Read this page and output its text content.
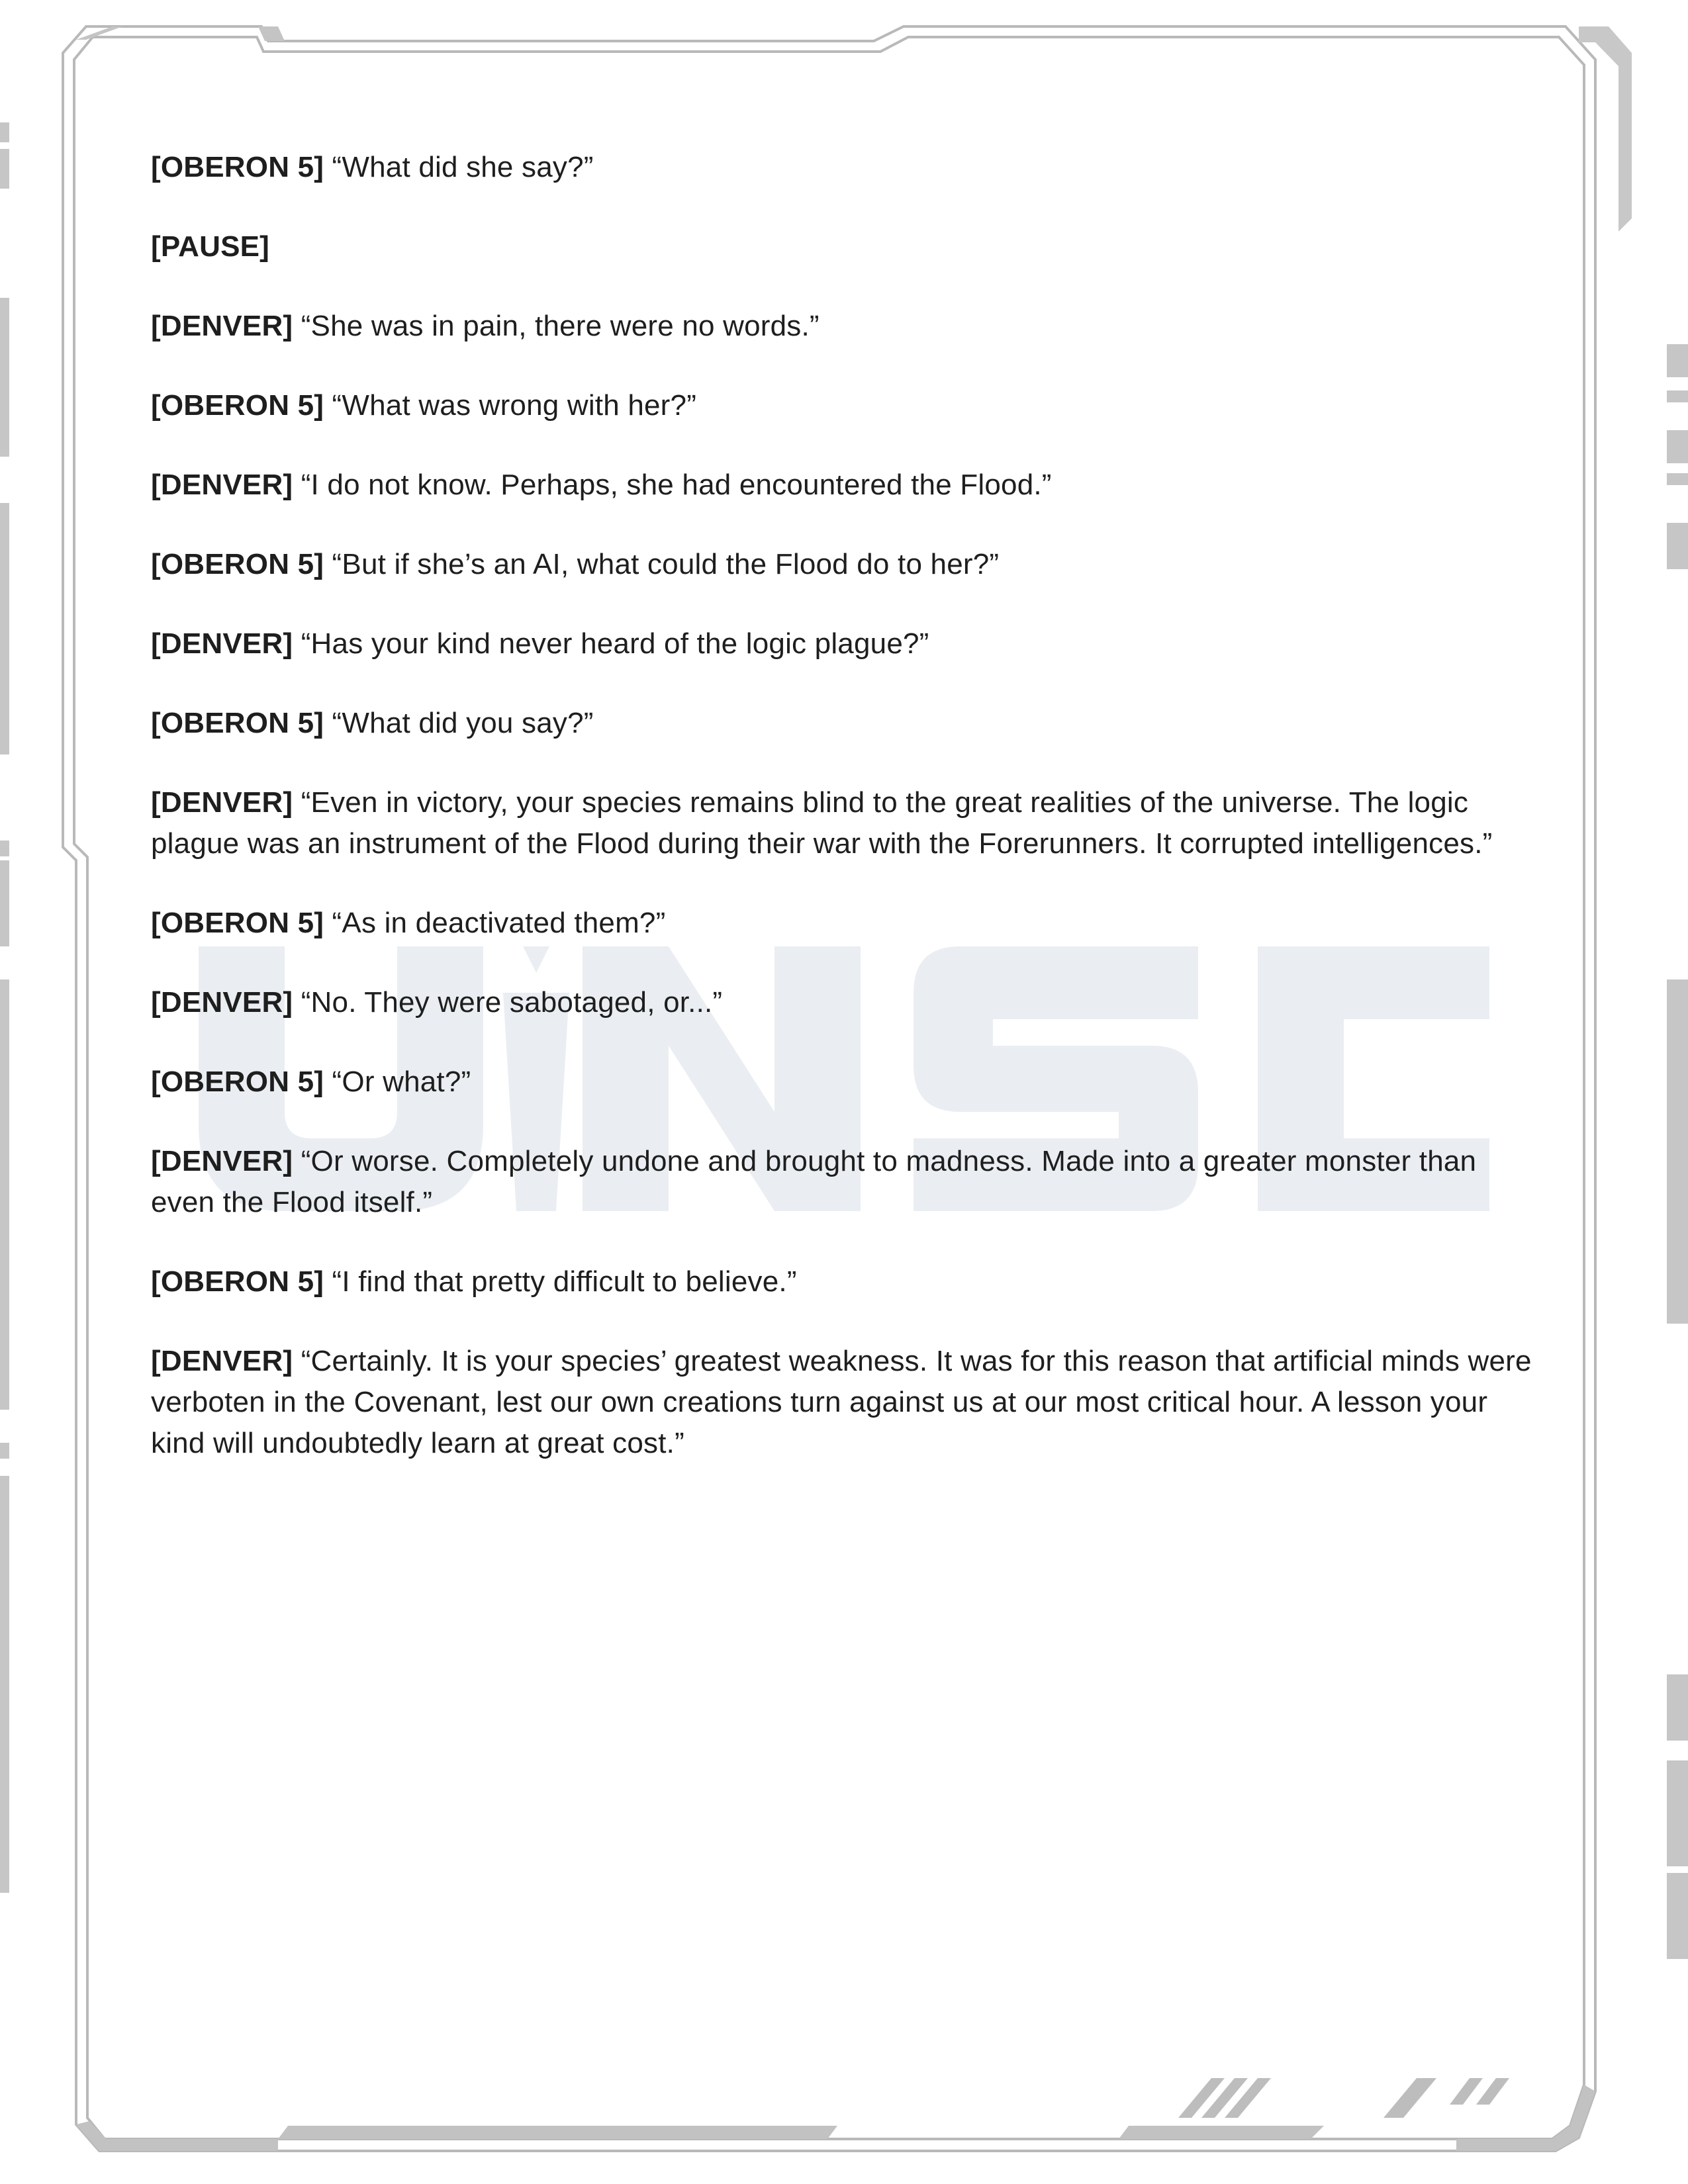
[OBERON 5] “What did she say?”

[PAUSE]

[DENVER] “She was in pain, there were no words.”

[OBERON 5] “What was wrong with her?”

[DENVER] “I do not know. Perhaps, she had encountered the Flood.”

[OBERON 5] “But if she’s an AI, what could the Flood do to her?”

[DENVER] “Has your kind never heard of the logic plague?”

[OBERON 5] “What did you say?”

[DENVER] “Even in victory, your species remains blind to the great realities of the universe. The logic plague was an instrument of the Flood during their war with the Forerunners. It corrupted intelligences.”

[OBERON 5] “As in deactivated them?”

[DENVER] “No. They were sabotaged, or...”

[OBERON 5] “Or what?”

[DENVER] “Or worse. Completely undone and brought to madness. Made into a greater monster than even the Flood itself.”

[OBERON 5] “I find that pretty difficult to believe.”

[DENVER] “Certainly. It is your species’ greatest weakness. It was for this reason that artificial minds were verboten in the Covenant, lest our own creations turn against us at our most critical hour. A lesson your kind will undoubtedly learn at great cost.”
